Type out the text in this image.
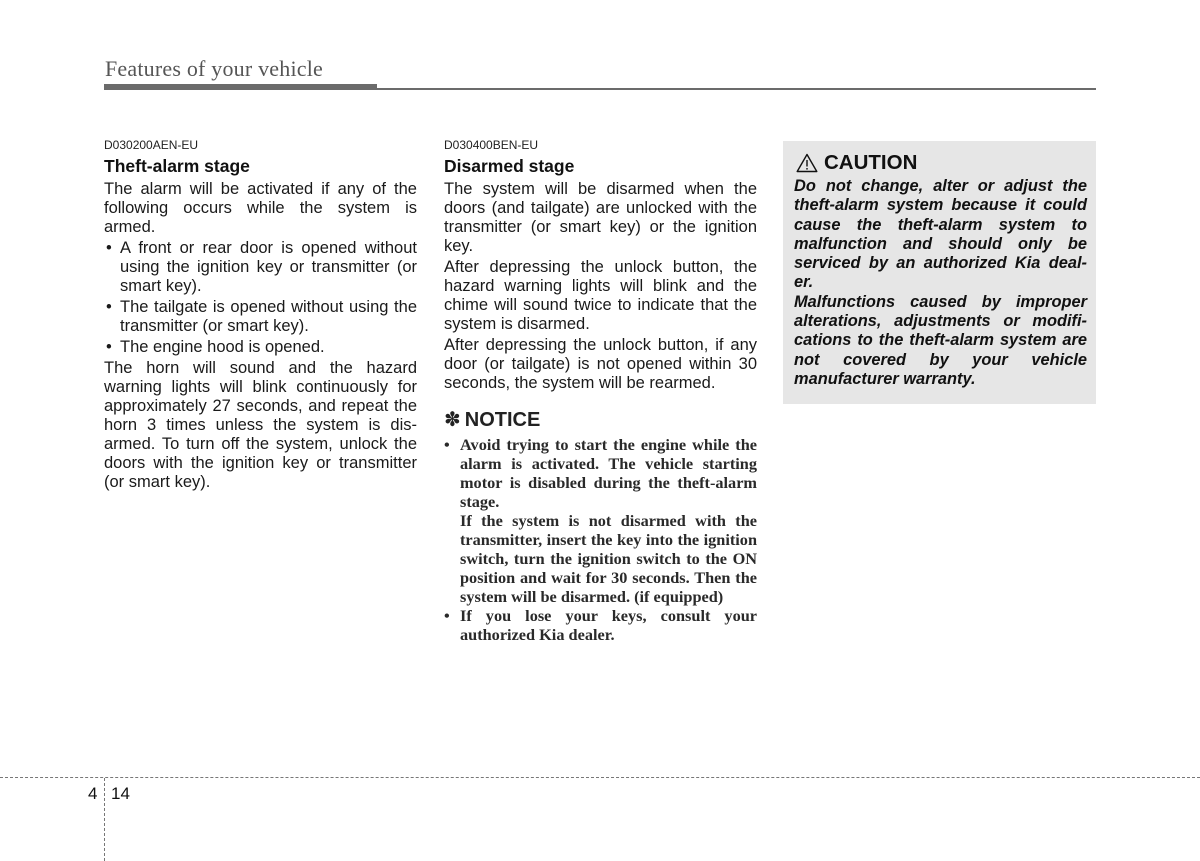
Features of your vehicle

D030200AEN-EU

Theft-alarm stage

The alarm will be activated if any of the following occurs while the system is armed.

• A front or rear door is opened without using the ignition key or transmitter (or smart key).
• The tailgate is opened without using the transmitter (or smart key).
• The engine hood is opened.

The horn will sound and the hazard warning lights will blink continuously for approximately 27 seconds, and repeat the horn 3 times unless the system is dis-armed. To turn off the system, unlock the doors with the ignition key or transmitter (or smart key).

D030400BEN-EU

Disarmed stage

The system will be disarmed when the doors (and tailgate) are unlocked with the transmitter (or smart key) or the ignition key.

After depressing the unlock button, the hazard warning lights will blink and the chime will sound twice to indicate that the system is disarmed.

After depressing the unlock button, if any door (or tailgate) is not opened within 30 seconds, the system will be rearmed.

✽ NOTICE
• Avoid trying to start the engine while the alarm is activated. The vehicle starting motor is disabled during the theft-alarm stage.

If the system is not disarmed with the transmitter, insert the key into the ignition switch, turn the ignition switch to the ON position and wait for 30 seconds. Then the system will be disarmed. (if equipped)

• If you lose your keys, consult your authorized Kia dealer.

CAUTION

Do not change, alter or adjust the theft-alarm system because it could cause the theft-alarm system to malfunction and should only be serviced by an authorized Kia deal-er.

Malfunctions caused by improper alterations, adjustments or modifi-cations to the theft-alarm system are not covered by your vehicle manufacturer warranty.

4 14
